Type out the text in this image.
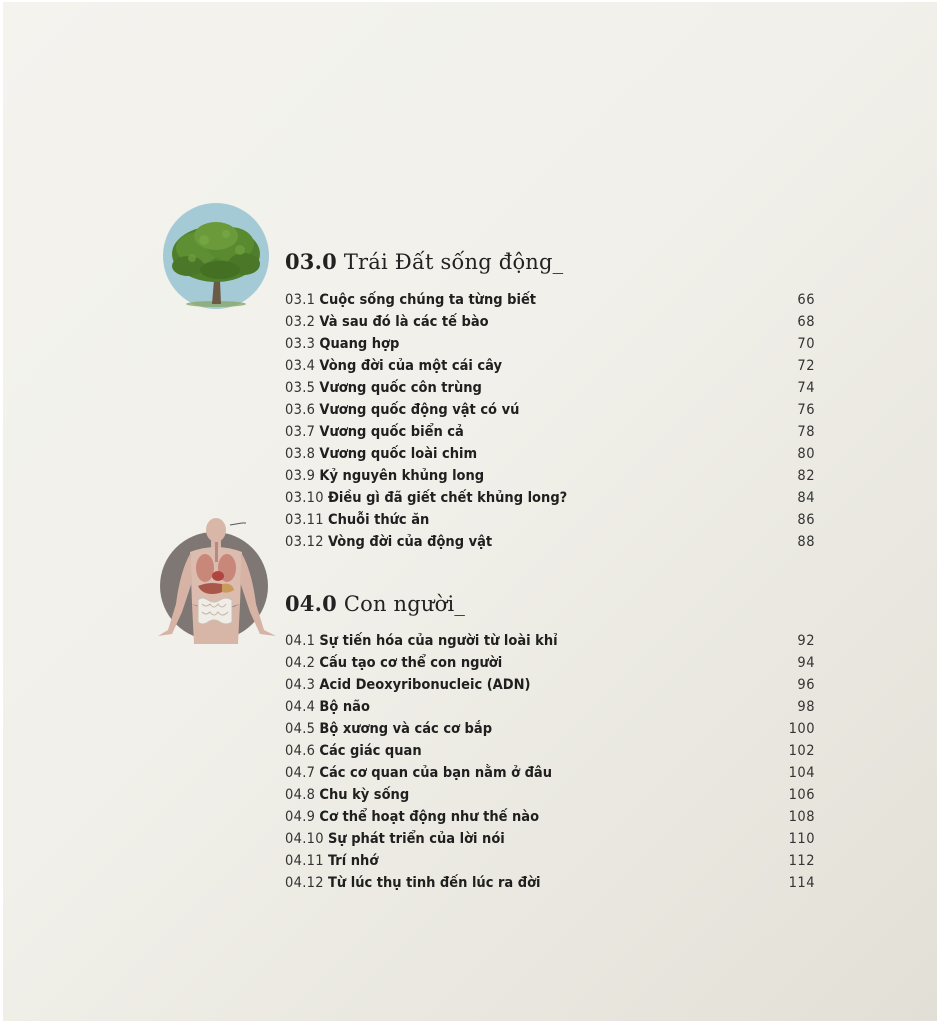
03.0 Trái Đất sống động_
03.1 Cuộc sống chúng ta từng biết	66
03.2 Và sau đó là các tế bào	68
03.3 Quang hợp	70
03.4 Vòng đời của một cái cây	72
03.5 Vương quốc côn trùng	74
03.6 Vương quốc động vật có vú	76
03.7 Vương quốc biển cả	78
03.8 Vương quốc loài chim	80
03.9 Kỷ nguyên khủng long	82
03.10 Điều gì đã giết chết khủng long?	84
03.11 Chuỗi thức ăn	86
03.12 Vòng đời của động vật	88
04.0 Con người_
04.1 Sự tiến hóa của người từ loài khỉ	92
04.2 Cấu tạo cơ thể con người	94
04.3 Acid Deoxyribonucleic (ADN)	96
04.4 Bộ não	98
04.5 Bộ xương và các cơ bắp	100
04.6 Các giác quan	102
04.7 Các cơ quan của bạn nằm ở đâu	104
04.8 Chu kỳ sống	106
04.9 Cơ thể hoạt động như thế nào	108
04.10 Sự phát triển của lời nói	110
04.11 Trí nhớ	112
04.12 Từ lúc thụ tinh đến lúc ra đời	114
